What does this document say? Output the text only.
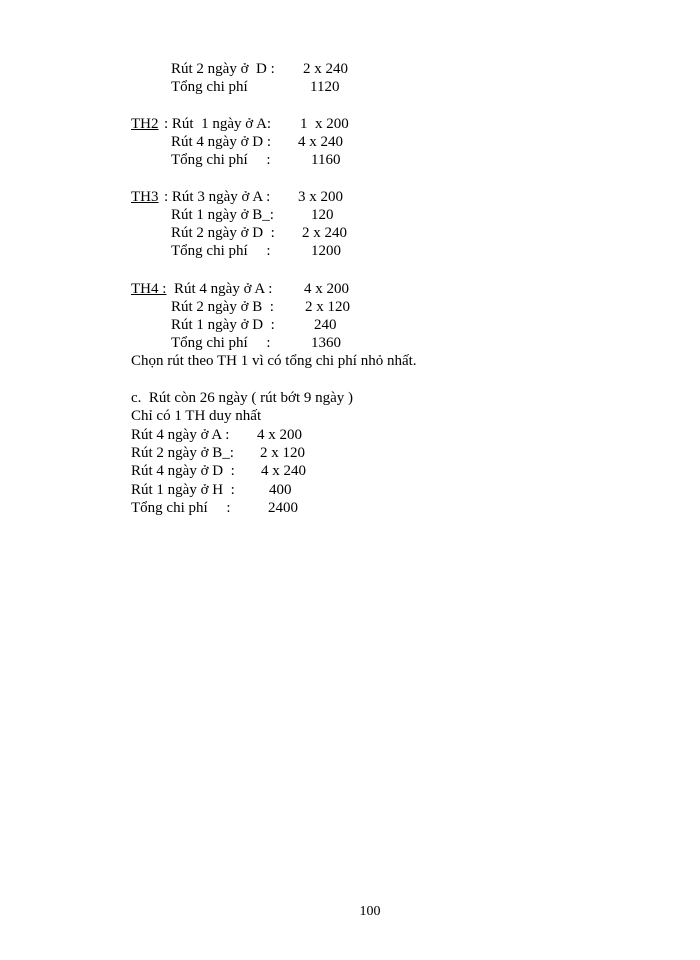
Rút 2 ngày ở  D : 2 x 240
Tổng chi phí	1120
TH2 : Rút  1 ngày ở A: 1  x 200
Rút 4 ngày ở D : 4 x 240
Tổng chi phí     :	1160
TH3 : Rút 3 ngày ở A : 3 x 200
Rút 1 ngày ở B_: 120
Rút 2 ngày ở D  : 2 x 240
Tổng chi phí     :	1200
TH4 : Rút 4 ngày ở A : 4 x 200
Rút 2 ngày ở B  : 2 x 120
Rút 1 ngày ở D  :	240
Tổng chi phí     :	1360
Chọn rút theo TH 1 vì có tổng chi phí nhỏ nhất.
c.  Rút còn 26 ngày ( rút bớt 9 ngày )
Chỉ có 1 TH duy nhất
Rút 4 ngày ở A : 4 x 200
Rút 2 ngày ở B_: 2 x 120
Rút 4 ngày ở D  : 4 x 240
Rút 1 ngày ở H  : 400
Tổng chi phí     : 2400
100
